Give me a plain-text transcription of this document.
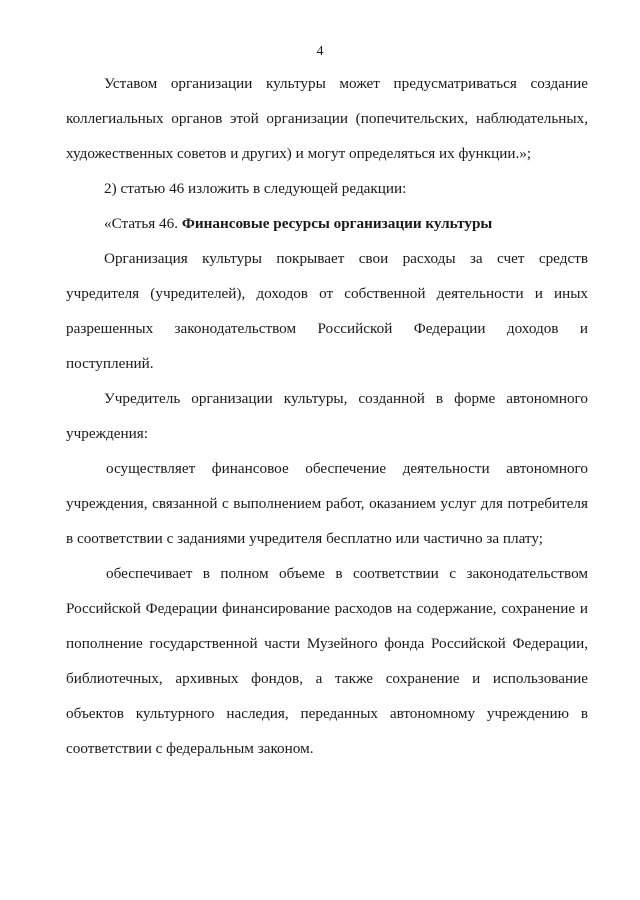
4
Уставом организации культуры может предусматриваться создание
коллегиальных органов этой организации (попечительских, наблюдательных,
художественных советов и других) и могут определяться их функции.»;
2) статью 46 изложить в следующей редакции:
«Статья 46. Финансовые ресурсы организации культуры
Организация культуры покрывает свои расходы за счет средств
учредителя (учредителей), доходов от собственной деятельности и иных
разрешенных законодательством Российской Федерации доходов и
поступлений.
Учредитель организации культуры, созданной в форме автономного
учреждения:
осуществляет финансовое обеспечение деятельности автономного
учреждения, связанной с выполнением работ, оказанием услуг для потребителя
в соответствии с заданиями учредителя бесплатно или частично за плату;
обеспечивает в полном объеме в соответствии с законодательством
Российской Федерации финансирование расходов на содержание, сохранение и
пополнение государственной части Музейного фонда Российской Федерации,
библиотечных, архивных фондов, а также сохранение и использование
объектов культурного наследия, переданных автономному учреждению в
соответствии с федеральным законом.
